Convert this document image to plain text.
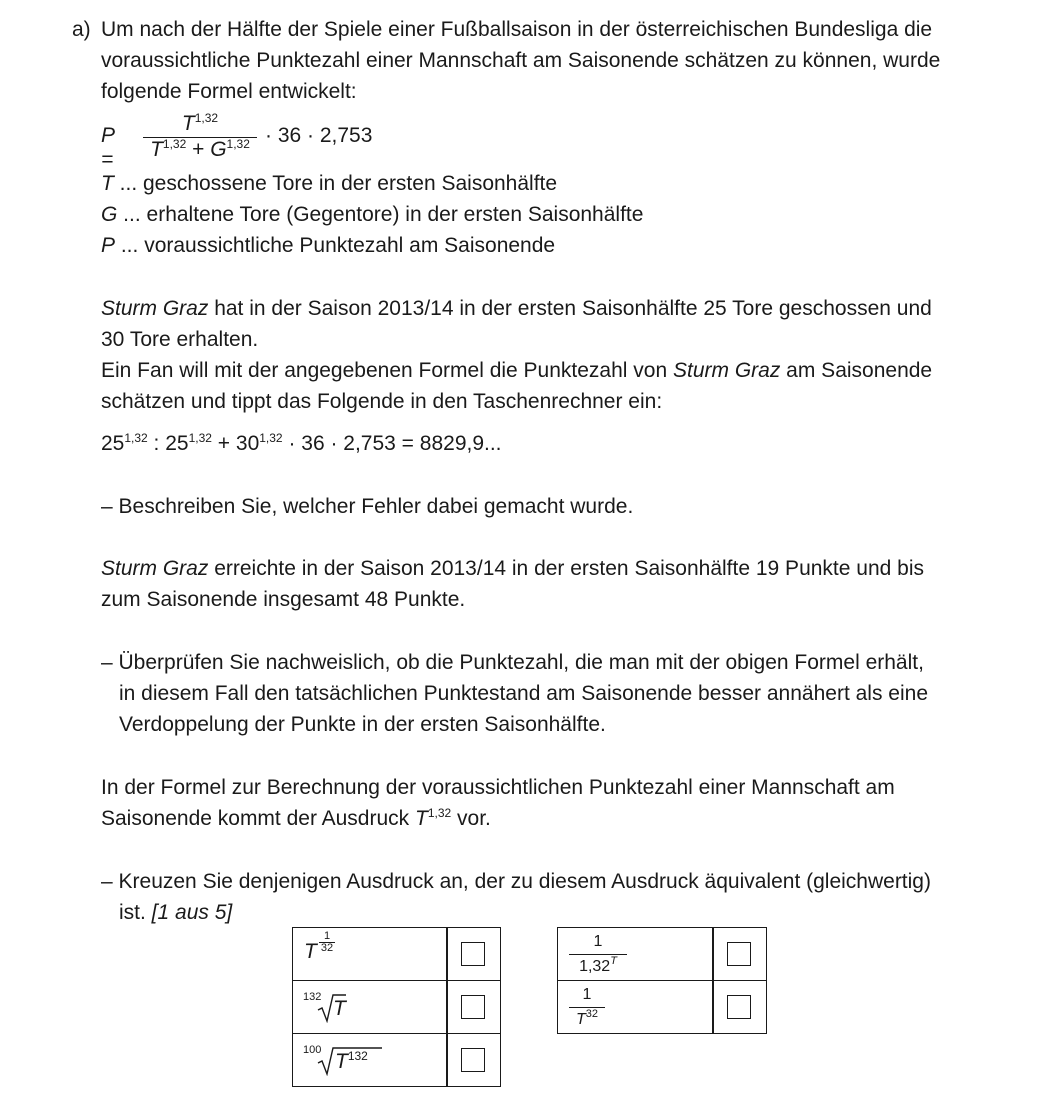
a) Um nach der Hälfte der Spiele einer Fußballsaison in der österreichischen Bundesliga die
voraussichtliche Punktezahl einer Mannschaft am Saisonende schätzen zu können, wurde
folgende Formel entwickelt:
P =
T$^{1,32}$
T$^{1,32}$ + G$^{1,32}$ · 36 · 2,753
T ... geschossene Tore in der ersten Saisonhälfte
G ... erhaltene Tore (Gegentore) in der ersten Saisonhälfte
P ... voraussichtliche Punktezahl am Saisonende
Sturm Graz hat in der Saison 2013/14 in der ersten Saisonhälfte 25 Tore geschossen und
30 Tore erhalten.
Ein Fan will mit der angegebenen Formel die Punktezahl von Sturm Graz am Saisonende
schätzen und tippt das Folgende in den Taschenrechner ein:
25$^{1,32}$ : $25^{1,32} + 30^{1,32} \cdot 36 \cdot 2,753 = 8829,9$...
– Beschreiben Sie, welcher Fehler dabei gemacht wurde.
Sturm Graz erreichte in der Saison 2013/14 in der ersten Saisonhälfte 19 Punkte und bis
zum Saisonende insgesamt 48 Punkte.
– Überprüfen Sie nachweislich, ob die Punktezahl, die man mit der obigen Formel erhält,
in diesem Fall den tatsächlichen Punktestand am Saisonende besser annähert als eine
Verdoppelung der Punkte in der ersten Saisonhälfte.
In der Formel zur Berechnung der voraussichtlichen Punktezahl einer Mannschaft am
Saisonende kommt der Ausdruck T$^{1,32}$ vor.
– Kreuzen Sie denjenigen Ausdruck an, der zu diesem Ausdruck äquivalent (gleichwertig)
ist. [1 aus 5]
T
1
32
132 T
100 $T^{132}$
1
$1,32^T$
1
$T^{32}$
